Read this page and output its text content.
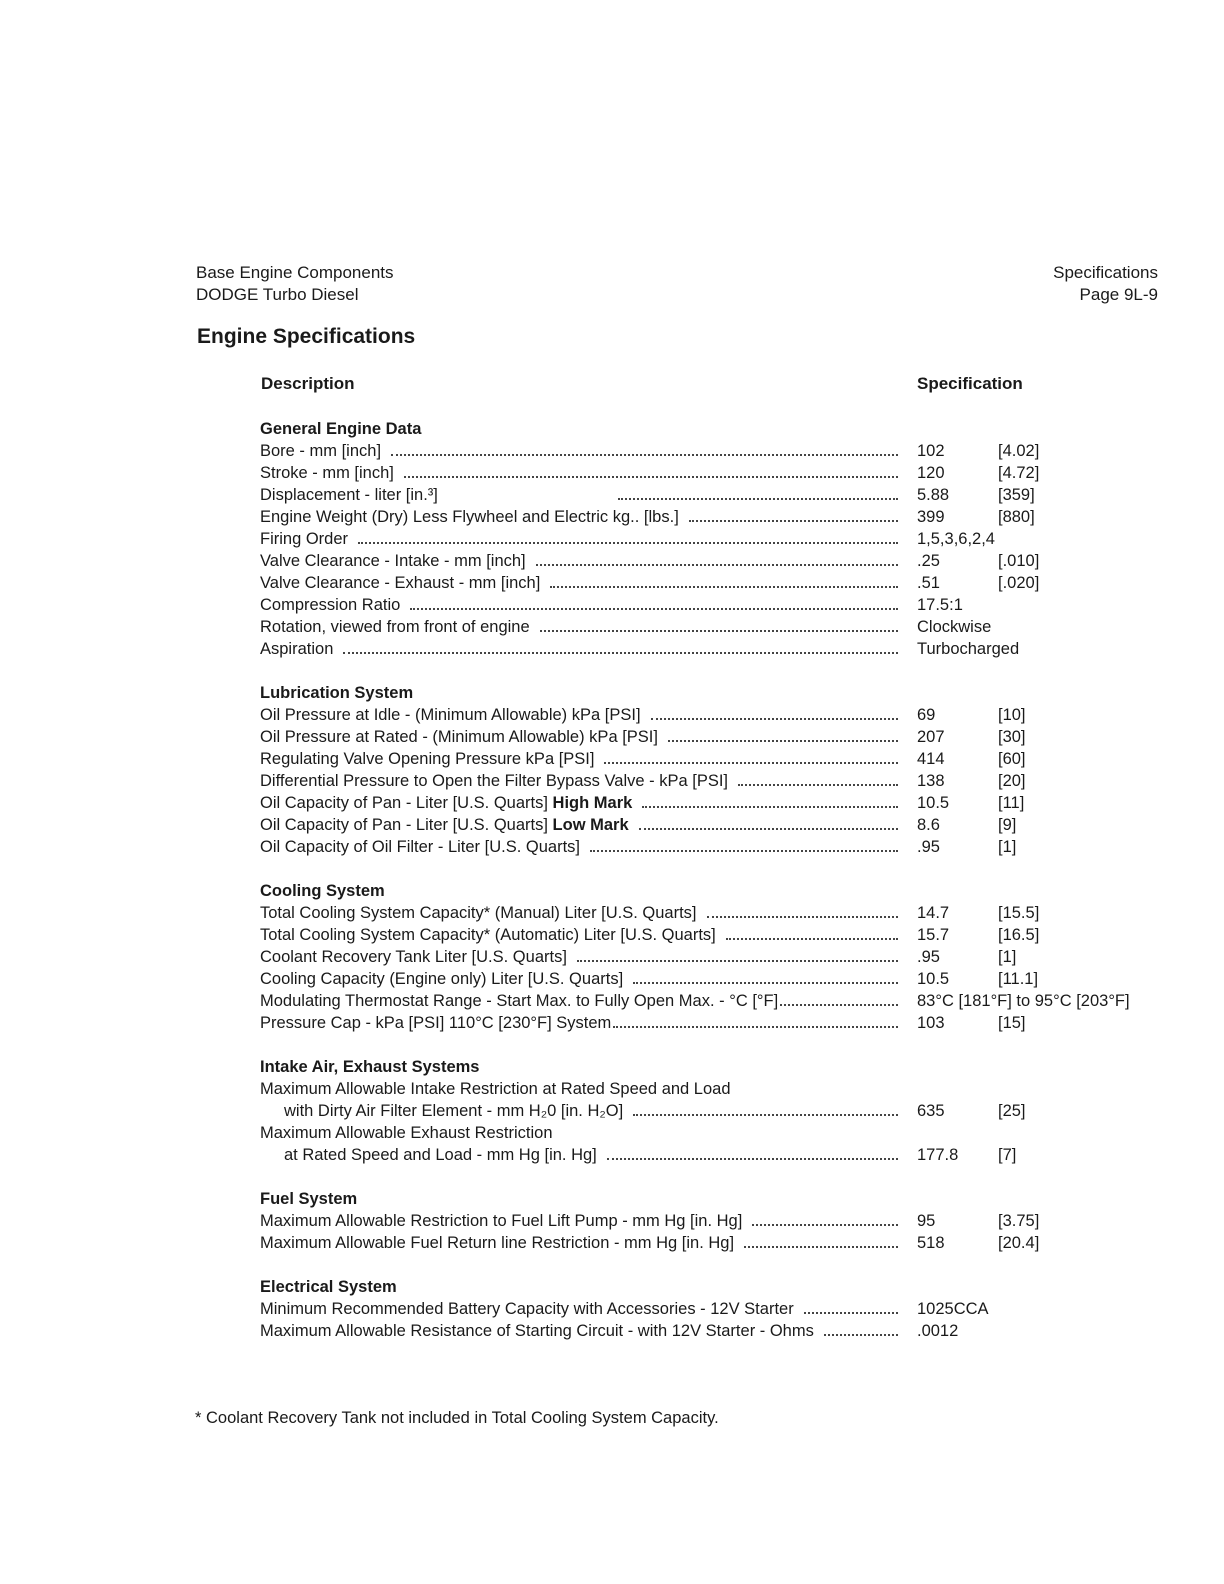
Base Engine Components
DODGE Turbo Diesel
Specifications
Page 9L-9
Engine Specifications
Description	Specification
General Engine Data
Bore - mm [inch]	102	[4.02]
Stroke - mm [inch]	120	[4.72]
Displacement - liter [in.³]	5.88	[359]
Engine Weight (Dry) Less Flywheel and Electric kg.. [lbs.]	399	[880]
Firing Order	1,5,3,6,2,4
Valve Clearance - Intake - mm [inch]	.25	[.010]
Valve Clearance - Exhaust - mm [inch]	.51	[.020]
Compression Ratio	17.5:1
Rotation, viewed from front of engine	Clockwise
Aspiration	Turbocharged
Lubrication System
Oil Pressure at Idle - (Minimum Allowable) kPa [PSI]	69	[10]
Oil Pressure at Rated - (Minimum Allowable) kPa [PSI]	207	[30]
Regulating Valve Opening Pressure kPa [PSI]	414	[60]
Differential Pressure to Open the Filter Bypass Valve - kPa [PSI]	138	[20]
Oil Capacity of Pan - Liter [U.S. Quarts] High Mark	10.5	[11]
Oil Capacity of Pan - Liter [U.S. Quarts] Low Mark	8.6	[9]
Oil Capacity of Oil Filter - Liter [U.S. Quarts]	.95	[1]
Cooling System
Total Cooling System Capacity* (Manual) Liter [U.S. Quarts]	14.7	[15.5]
Total Cooling System Capacity* (Automatic) Liter [U.S. Quarts]	15.7	[16.5]
Coolant Recovery Tank Liter [U.S. Quarts]	.95	[1]
Cooling Capacity (Engine only) Liter [U.S. Quarts]	10.5	[11.1]
Modulating Thermostat Range - Start Max. to Fully Open Max. - °C [°F]	83°C [181°F] to 95°C [203°F]
Pressure Cap - kPa [PSI] 110°C [230°F] System	103	[15]
Intake Air, Exhaust Systems
Maximum Allowable Intake Restriction at Rated Speed and Load
with Dirty Air Filter Element - mm H₂0 [in. H₂O]	635	[25]
Maximum Allowable Exhaust Restriction
at Rated Speed and Load - mm Hg [in. Hg]	177.8	[7]
Fuel System
Maximum Allowable Restriction to Fuel Lift Pump - mm Hg [in. Hg]	95	[3.75]
Maximum Allowable Fuel Return line Restriction - mm Hg [in. Hg]	518	[20.4]
Electrical System
Minimum Recommended Battery Capacity with Accessories - 12V Starter	1025CCA
Maximum Allowable Resistance of Starting Circuit - with 12V Starter - Ohms	.0012
* Coolant Recovery Tank not included in Total Cooling System Capacity.
